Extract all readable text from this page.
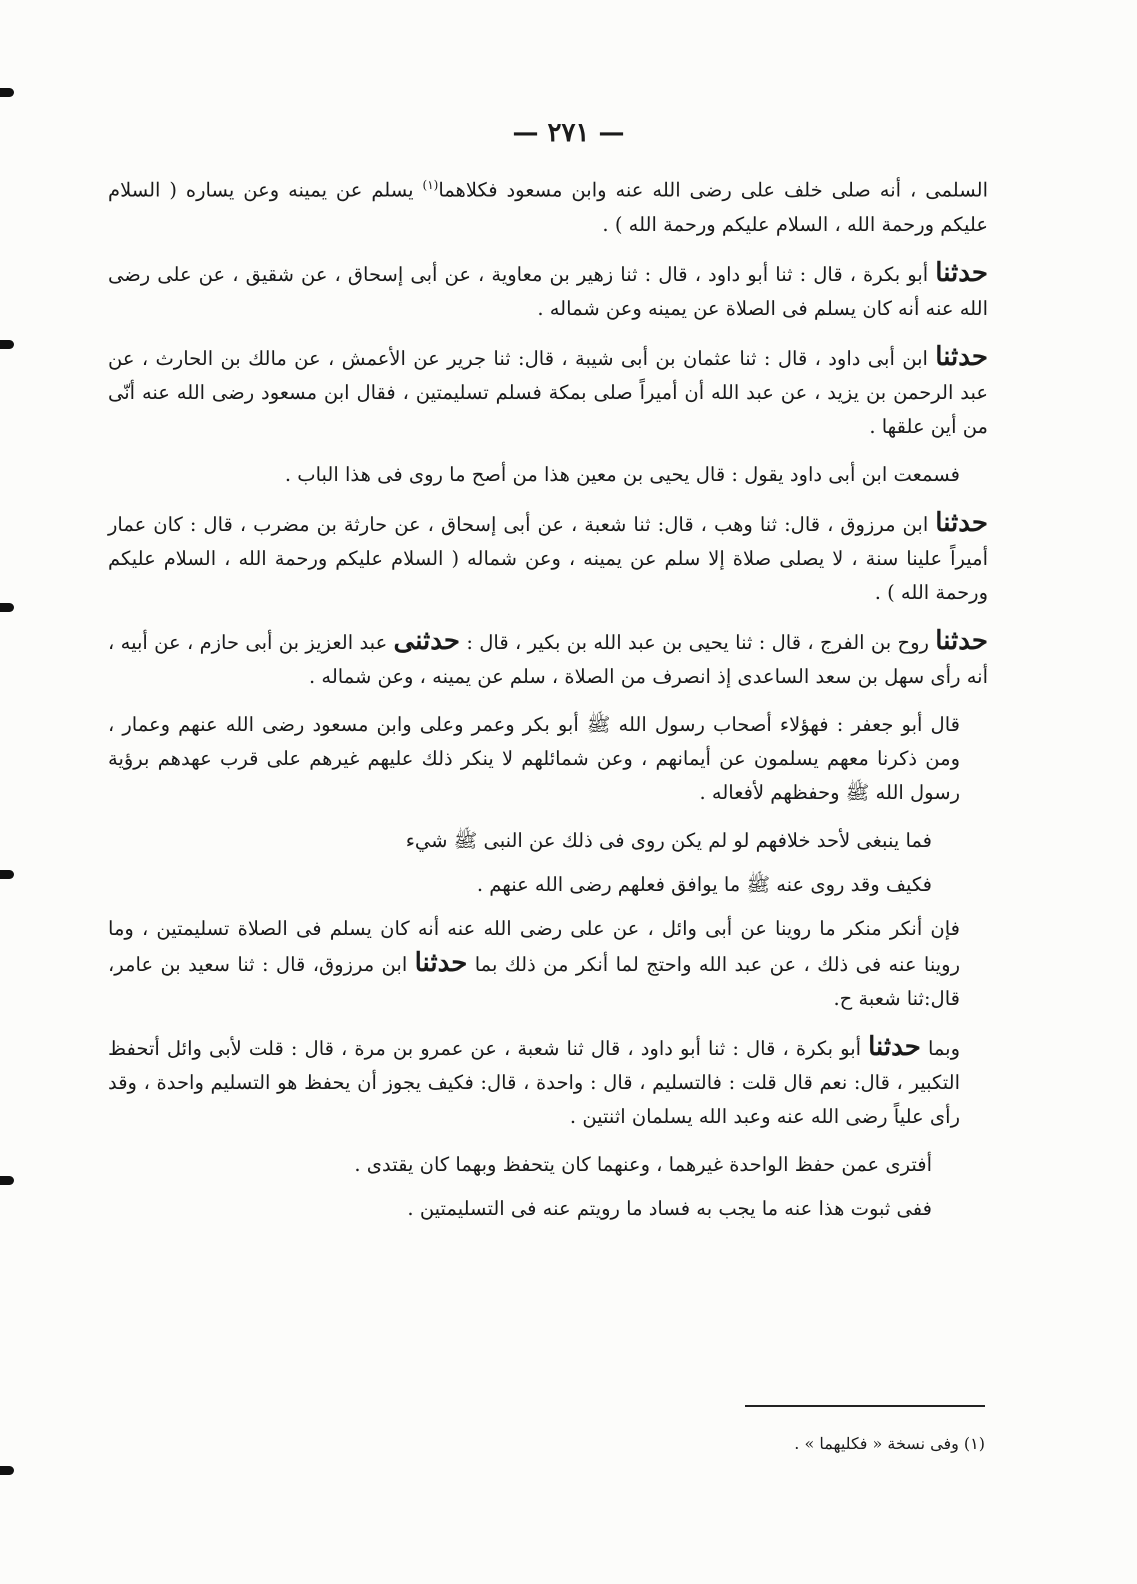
— ٢٧١ —

السلمى ، أنه صلى خلف على رضى الله عنه وابن مسعود فكلاهما$^{(١)}$ يسلم عن يمينه وعن يساره ( السلام عليكم ورحمة الله ، السلام عليكم ورحمة الله ) .

حدثنا أبو بكرة ، قال : ثنا أبو داود ، قال : ثنا زهير بن معاوية ، عن أبى إسحاق ، عن شقيق ، عن على رضى الله عنه أنه كان يسلم فى الصلاة عن يمينه وعن شماله .

حدثنا ابن أبى داود ، قال : ثنا عثمان بن أبى شيبة ، قال: ثنا جرير عن الأعمش ، عن مالك بن الحارث ، عن عبد الرحمن بن يزيد ، عن عبد الله أن أميراً صلى بمكة فسلم تسليمتين ، فقال ابن مسعود رضى الله عنه أنّى من أين علقها .

فسمعت ابن أبى داود يقول : قال يحيى بن معين هذا من أصح ما روى فى هذا الباب .

حدثنا ابن مرزوق ، قال: ثنا وهب ، قال: ثنا شعبة ، عن أبى إسحاق ، عن حارثة بن مضرب ، قال : كان عمار أميراً علينا سنة ، لا يصلى صلاة إلا سلم عن يمينه ، وعن شماله ( السلام عليكم ورحمة الله ، السلام عليكم ورحمة الله ) .

حدثنا روح بن الفرج ، قال : ثنا يحيى بن عبد الله بن بكير ، قال : حدثنى عبد العزيز بن أبى حازم ، عن أبيه ، أنه رأى سهل بن سعد الساعدى إذ انصرف من الصلاة ، سلم عن يمينه ، وعن شماله .

قال أبو جعفر : فهؤلاء أصحاب رسول الله ﷺ أبو بكر وعمر وعلى وابن مسعود رضى الله عنهم وعمار ، ومن ذكرنا معهم يسلمون عن أيمانهم ، وعن شمائلهم لا ينكر ذلك عليهم غيرهم على قرب عهدهم برؤية رسول الله ﷺ وحفظهم لأفعاله .

فما ينبغى لأحد خلافهم لو لم يكن روى فى ذلك عن النبى ﷺ شيء

فكيف وقد روى عنه ﷺ ما يوافق فعلهم رضى الله عنهم .

فإن أنكر منكر ما روينا عن أبى وائل ، عن على رضى الله عنه أنه كان يسلم فى الصلاة تسليمتين ، وما روينا عنه فى ذلك ، عن عبد الله واحتج لما أنكر من ذلك بما حدثنا ابن مرزوق، قال : ثنا سعيد بن عامر، قال:ثنا شعبة ح.

وبما حدثنا أبو بكرة ، قال : ثنا أبو داود ، قال ثنا شعبة ، عن عمرو بن مرة ، قال : قلت لأبى وائل أتحفظ التكبير ، قال: نعم قال قلت : فالتسليم ، قال : واحدة ، قال: فكيف يجوز أن يحفظ هو التسليم واحدة ، وقد رأى علياً رضى الله عنه وعبد الله يسلمان اثنتين .

أفترى عمن حفظ الواحدة غيرهما ، وعنهما كان يتحفظ وبهما كان يقتدى .

ففى ثبوت هذا عنه ما يجب به فساد ما رويتم عنه فى التسليمتين .

(١) وفى نسخة « فكليهما » .
